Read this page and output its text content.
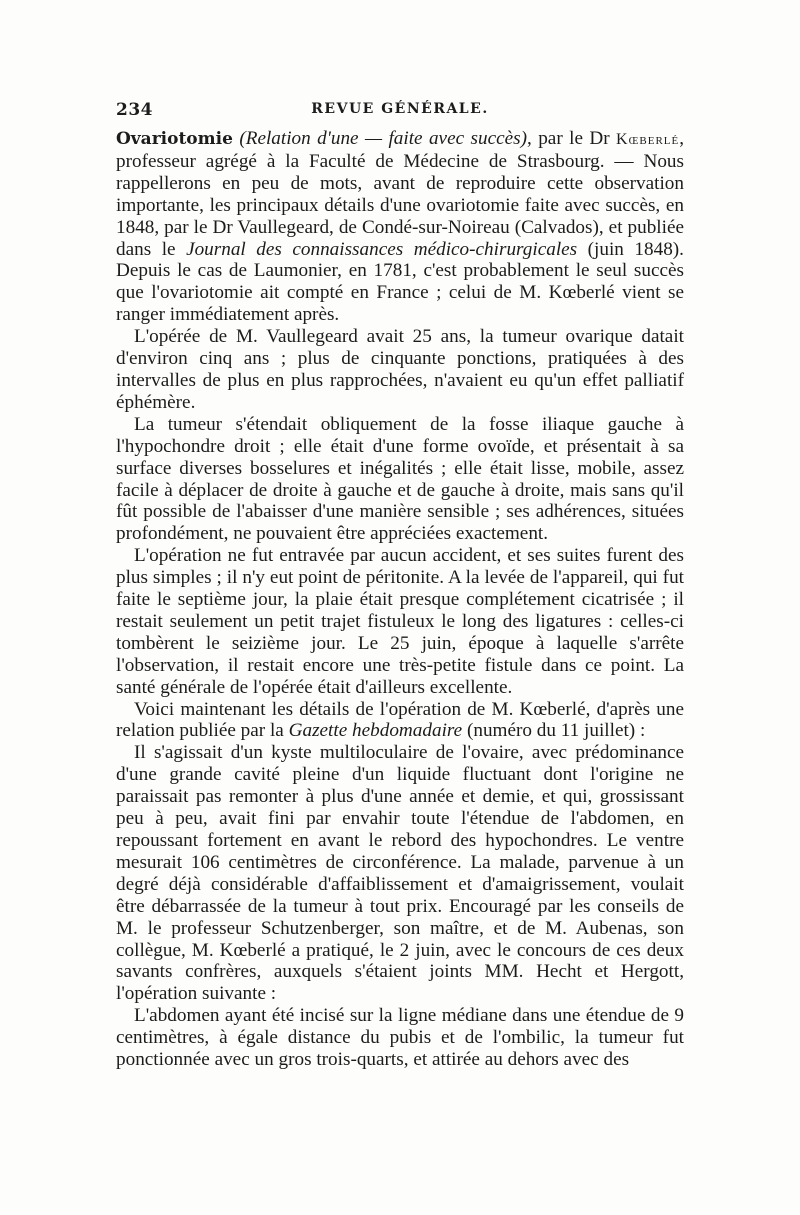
234	REVUE GÉNÉRALE.

Ovariotomie (Relation d'une — faite avec succès), par le Dr Kœberlé, professeur agrégé à la Faculté de Médecine de Strasbourg. — Nous rappellerons en peu de mots, avant de reproduire cette observation importante, les principaux détails d'une ovariotomie faite avec succès, en 1848, par le Dr Vaullegeard, de Condé-sur-Noireau (Calvados), et publiée dans le Journal des connaissances médico-chirurgicales (juin 1848). Depuis le cas de Laumonier, en 1781, c'est probablement le seul succès que l'ovariotomie ait compté en France ; celui de M. Kœberlé vient se ranger immédiatement après.

L'opérée de M. Vaullegeard avait 25 ans, la tumeur ovarique datait d'environ cinq ans ; plus de cinquante ponctions, pratiquées à des intervalles de plus en plus rapprochées, n'avaient eu qu'un effet palliatif éphémère.

La tumeur s'étendait obliquement de la fosse iliaque gauche à l'hypochondre droit ; elle était d'une forme ovoïde, et présentait à sa surface diverses bosselures et inégalités ; elle était lisse, mobile, assez facile à déplacer de droite à gauche et de gauche à droite, mais sans qu'il fût possible de l'abaisser d'une manière sensible ; ses adhérences, situées profondément, ne pouvaient être appréciées exactement.

L'opération ne fut entravée par aucun accident, et ses suites furent des plus simples ; il n'y eut point de péritonite. A la levée de l'appareil, qui fut faite le septième jour, la plaie était presque complétement cicatrisée ; il restait seulement un petit trajet fistuleux le long des ligatures : celles-ci tombèrent le seizième jour. Le 25 juin, époque à laquelle s'arrête l'observation, il restait encore une très-petite fistule dans ce point. La santé générale de l'opérée était d'ailleurs excellente.

Voici maintenant les détails de l'opération de M. Kœberlé, d'après une relation publiée par la Gazette hebdomadaire (numéro du 11 juillet) :

Il s'agissait d'un kyste multiloculaire de l'ovaire, avec prédominance d'une grande cavité pleine d'un liquide fluctuant dont l'origine ne paraissait pas remonter à plus d'une année et demie, et qui, grossissant peu à peu, avait fini par envahir toute l'étendue de l'abdomen, en repoussant fortement en avant le rebord des hypochondres. Le ventre mesurait 106 centimètres de circonférence. La malade, parvenue à un degré déjà considérable d'affaiblissement et d'amaigrissement, voulait être débarrassée de la tumeur à tout prix. Encouragé par les conseils de M. le professeur Schutzenberger, son maître, et de M. Aubenas, son collègue, M. Kœberlé a pratiqué, le 2 juin, avec le concours de ces deux savants confrères, auxquels s'étaient joints MM. Hecht et Hergott, l'opération suivante :

L'abdomen ayant été incisé sur la ligne médiane dans une étendue de 9 centimètres, à égale distance du pubis et de l'ombilic, la tumeur fut ponctionnée avec un gros trois-quarts, et attirée au dehors avec des
